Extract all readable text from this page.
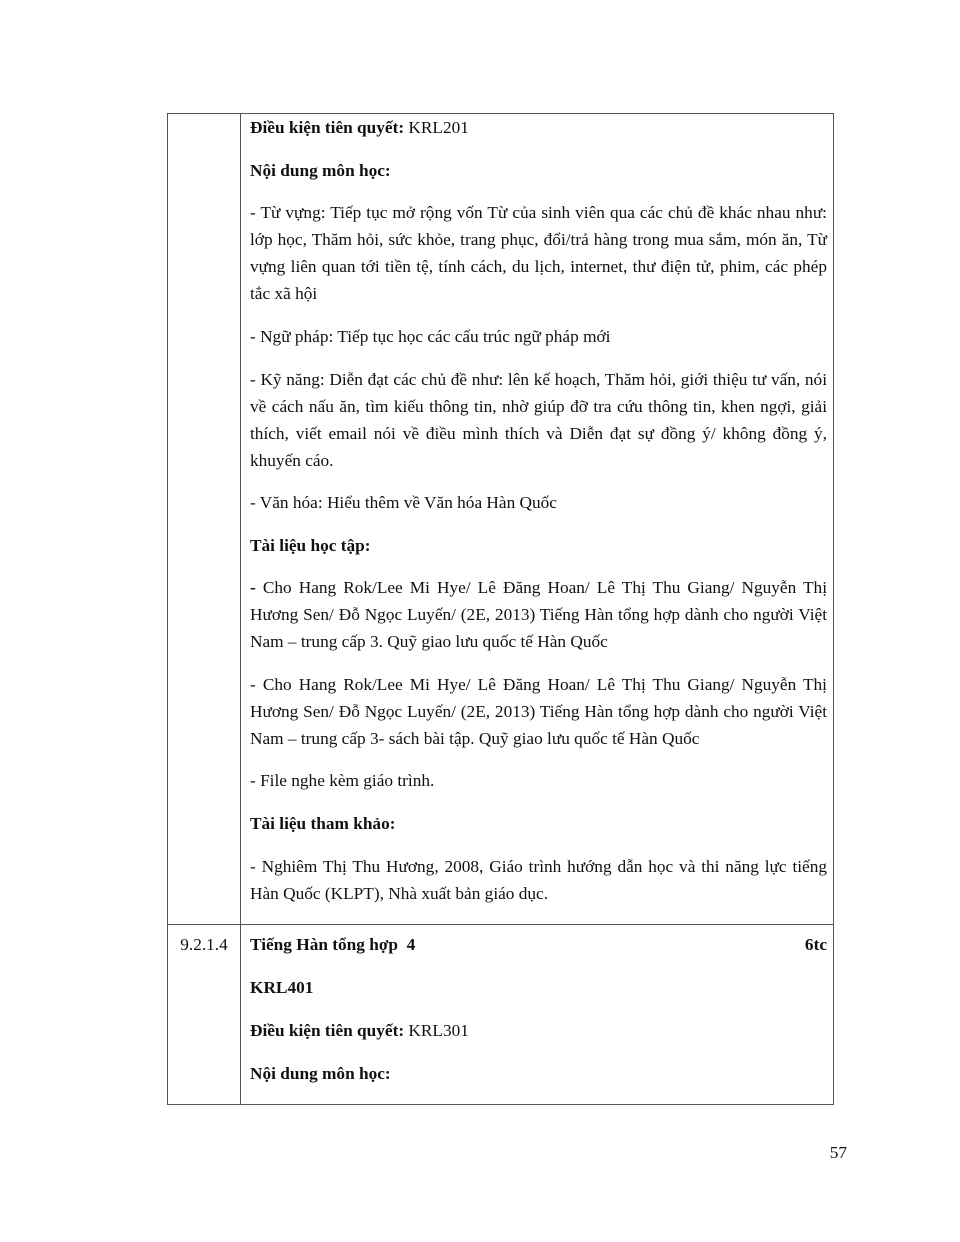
Điều kiện tiên quyết: KRL201

Nội dung môn học:

- Từ vựng: Tiếp tục mở rộng vốn Từ của sinh viên qua các chủ đề khác nhau như: lớp học, Thăm hỏi, sức khỏe, trang phục, đổi/trả hàng trong mua sắm, món ăn, Từ vựng liên quan tới tiền tệ, tính cách, du lịch, internet, thư điện tử, phim, các phép tắc xã hội

- Ngữ pháp: Tiếp tục học các cấu trúc ngữ pháp mới

- Kỹ năng: Diễn đạt các chủ đề như: lên kế hoạch, Thăm hỏi, giới thiệu tư vấn, nói về cách nấu ăn, tìm kiếu thông tin, nhờ giúp đỡ tra cứu thông tin, khen ngợi, giải thích, viết email nói về điều mình thích và Diễn đạt sự đồng ý/ không đồng ý, khuyến cáo.

- Văn hóa: Hiểu thêm về Văn hóa Hàn Quốc

Tài liệu học tập:

- Cho Hang Rok/Lee Mi Hye/ Lê Đăng Hoan/ Lê Thị Thu Giang/ Nguyễn Thị Hương Sen/ Đỗ Ngọc Luyến/ (2E, 2013) Tiếng Hàn tổng hợp dành cho người Việt Nam – trung cấp 3. Quỹ giao lưu quốc tế Hàn Quốc

- Cho Hang Rok/Lee Mi Hye/ Lê Đăng Hoan/ Lê Thị Thu Giang/ Nguyễn Thị Hương Sen/ Đỗ Ngọc Luyến/ (2E, 2013) Tiếng Hàn tổng hợp dành cho người Việt Nam – trung cấp 3- sách bài tập. Quỹ giao lưu quốc tế Hàn Quốc

- File nghe kèm giáo trình.

Tài liệu tham khảo:

- Nghiêm Thị Thu Hương, 2008, Giáo trình hướng dẫn học và thi năng lực tiếng Hàn Quốc (KLPT), Nhà xuất bản giáo dục.

9.2.1.4	Tiếng Hàn tổng hợp  4	6tc

KRL401

Điều kiện tiên quyết: KRL301

Nội dung môn học:

57
